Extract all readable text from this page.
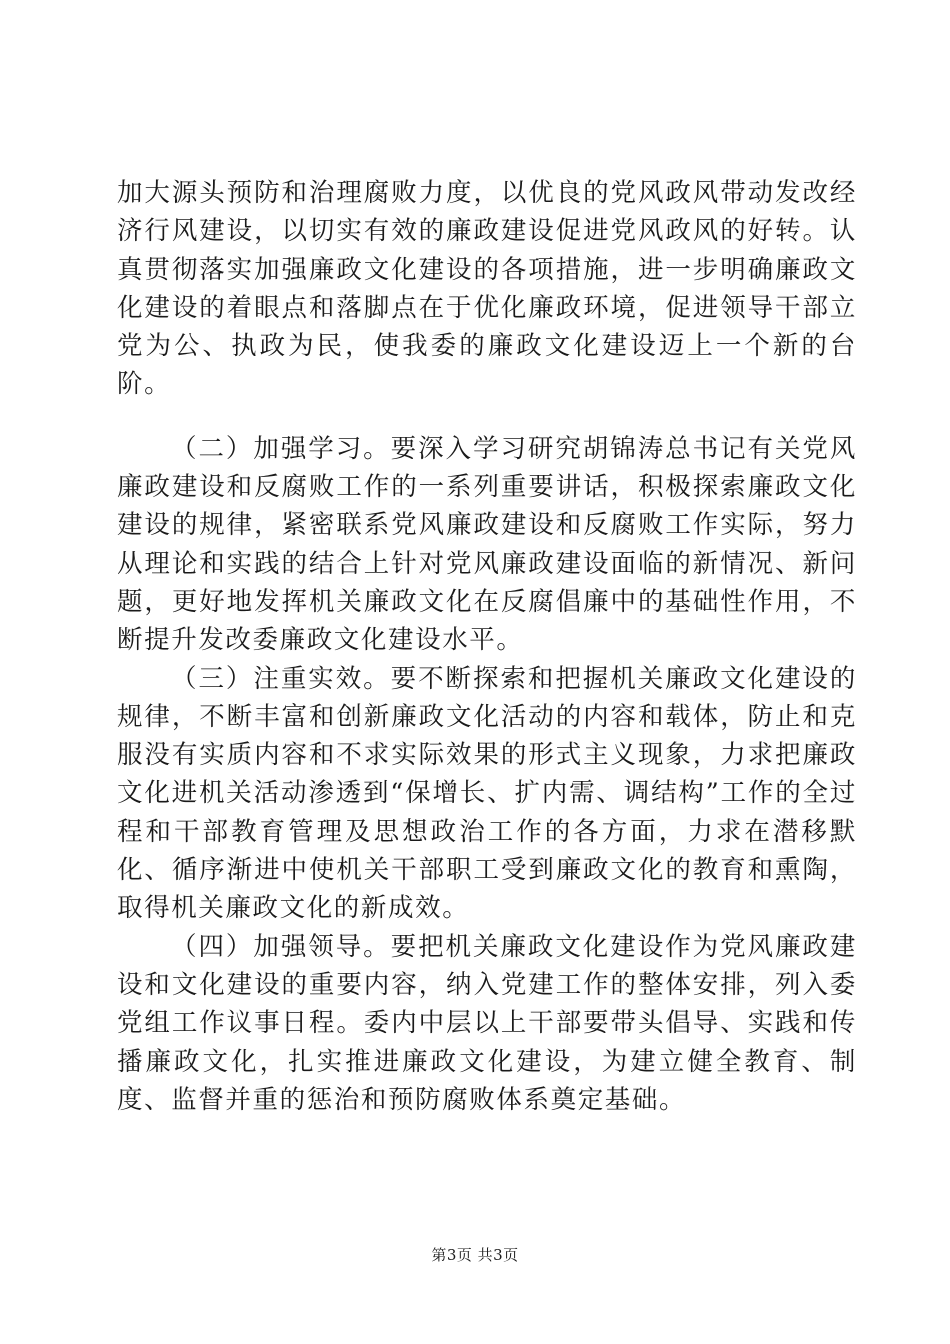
加大源头预防和治理腐败力度，以优良的党风政风带动发改经济行风建设，以切实有效的廉政建设促进党风政风的好转。认真贯彻落实加强廉政文化建设的各项措施，进一步明确廉政文化建设的着眼点和落脚点在于优化廉政环境，促进领导干部立党为公、执政为民，使我委的廉政文化建设迈上一个新的台阶。

（二）加强学习。要深入学习研究胡锦涛总书记有关党风廉政建设和反腐败工作的一系列重要讲话，积极探索廉政文化建设的规律，紧密联系党风廉政建设和反腐败工作实际，努力从理论和实践的结合上针对党风廉政建设面临的新情况、新问题，更好地发挥机关廉政文化在反腐倡廉中的基础性作用，不断提升发改委廉政文化建设水平。

（三）注重实效。要不断探索和把握机关廉政文化建设的规律，不断丰富和创新廉政文化活动的内容和载体，防止和克服没有实质内容和不求实际效果的形式主义现象，力求把廉政文化进机关活动渗透到“保增长、扩内需、调结构”工作的全过程和干部教育管理及思想政治工作的各方面，力求在潜移默化、循序渐进中使机关干部职工受到廉政文化的教育和熏陶，取得机关廉政文化的新成效。

（四）加强领导。要把机关廉政文化建设作为党风廉政建设和文化建设的重要内容，纳入党建工作的整体安排，列入委党组工作议事日程。委内中层以上干部要带头倡导、实践和传播廉政文化，扎实推进廉政文化建设，为建立健全教育、制度、监督并重的惩治和预防腐败体系奠定基础。

第3页 共3页
